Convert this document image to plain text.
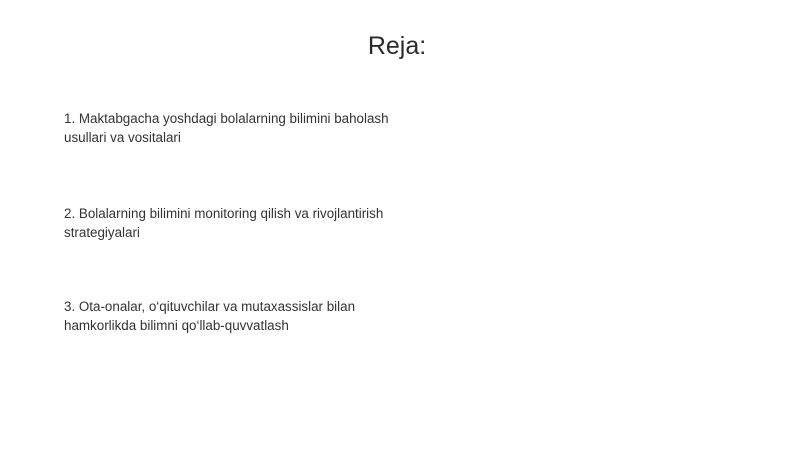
Reja:
1. Maktabgacha yoshdagi bolalarning bilimini baholash
usullari va vositalari
2. Bolalarning bilimini monitoring qilish va rivojlantirish
strategiyalari
3. Ota-onalar, o‘qituvchilar va mutaxassislar bilan
hamkorlikda bilimni qo‘llab-quvvatlash
